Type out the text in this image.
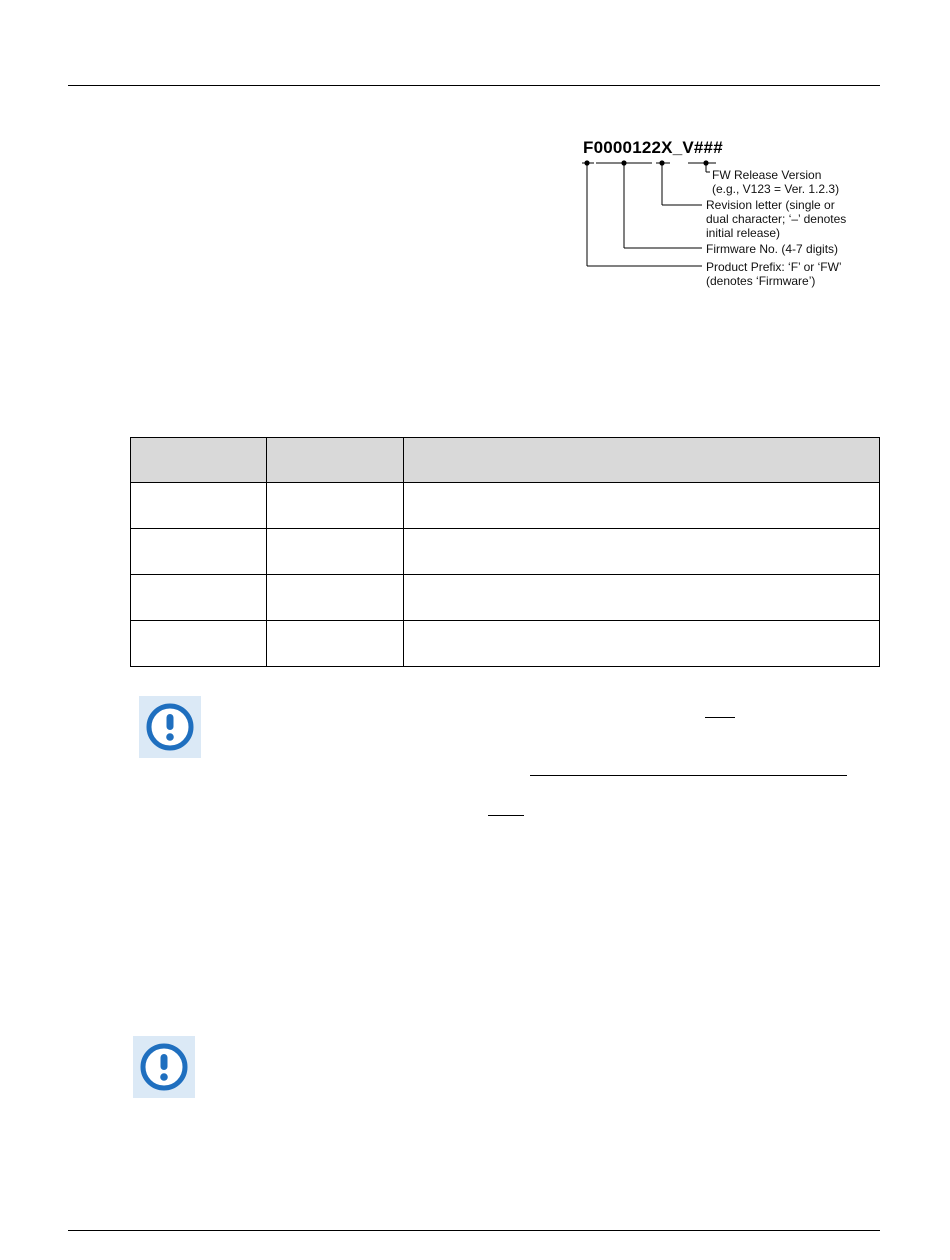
F0000122X_V###
FW Release Version
(e.g., V123 = Ver. 1.2.3)
Revision letter (single or
dual character; ‘–’ denotes
initial release)
Firmware No. (4-7 digits)
Product Prefix: ‘F’ or ‘FW’
(denotes ‘Firmware’)
